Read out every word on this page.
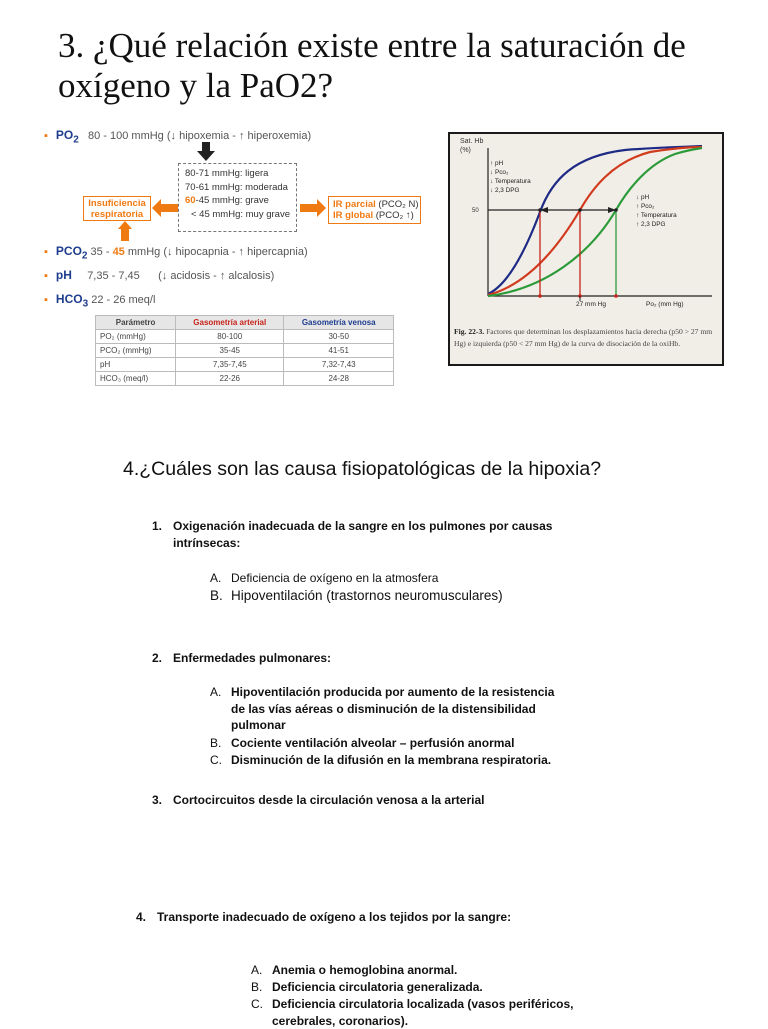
3. ¿Qué relación existe entre la saturación de oxígeno y la PaO2?
▪ $PO_2$ 80 - 100 mmHg (↓ hipoxemia - ↑ hiperoxemia)
80-71 mmHg: ligera
70-61 mmHg: moderada
60-45 mmHg: grave
< 45 mmHg: muy grave
Insuficiencia respiratoria
IR parcial (PCO₂ N)
IR global (PCO₂ ↑)
▪ $PCO_2$ 35 - 45 mmHg (↓ hipocapnia - ↑ hipercapnia)
▪ pH 7,35 - 7,45 (↓ acidosis - ↑ alcalosis)
▪ $HCO_3$ 22 - 26 meq/l
Parámetro	Gasometría arterial	Gasometría venosa
PO₂ (mmHg)	80-100	30-50
PCO₂ (mmHg)	35-45	41-51
pH	7,35-7,45	7,32-7,43
HCO₃ (meq/l)	22-26	24-28
Sat. Hb
(%)
50
↑ pH
↓ Pco₂
↓ Temperatura
↓ 2,3 DPG
↓ pH
↑ Pco₂
↑ Temperatura
↑ 2,3 DPG
27 mm Hg	Po₂ (mm Hg)
Fig. 22-3. Factores que determinan los desplazamientos hacia derecha (p50 > 27 mm Hg) e izquierda (p50 < 27 mm Hg) de la curva de disociación de la oxiHb.
4.¿Cuáles son las causa fisiopatológicas de la hipoxia?
1. Oxigenación inadecuada de la sangre en los pulmones por causas
intrínsecas:
A. Deficiencia de oxígeno en la atmosfera
B. Hipoventilación (trastornos neuromusculares)
2. Enfermedades pulmonares:
A. Hipoventilación producida por aumento de la resistencia
de las vías aéreas o disminución de la distensibilidad
pulmonar
B. Cociente ventilación alveolar – perfusión anormal
C. Disminución de la difusión en la membrana respiratoria.
3. Cortocircuitos desde la circulación venosa a la arterial
4. Transporte inadecuado de oxígeno a los tejidos por la sangre:
A. Anemia o hemoglobina anormal.
B. Deficiencia circulatoria generalizada.
C. Deficiencia circulatoria localizada (vasos periféricos,
cerebrales, coronarios).
